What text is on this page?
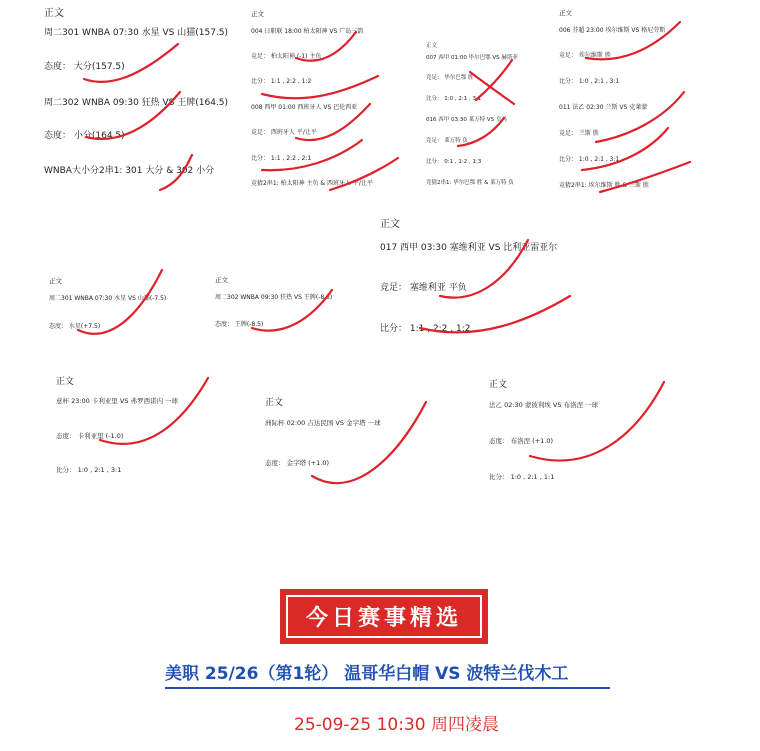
正文
周二301 WNBA 07:30 水星 VS 山猫(157.5)
态度： 大分(157.5)
周二302 WNBA 09:30 狂热 VS 王牌(164.5)
态度： 小分(164.5)
WNBA大小分2串1: 301 大分 & 302 小分
正文
004 日职联 18:00 柏太阳神 VS 广岛三箭
竞足： 柏太阳神 (-1) 主负
比分： 1:1 , 2:2 , 1:2
008 西甲 01:00 西班牙人 VS 巴伦西亚
竞足： 西班牙人 平/让平
比分： 1:1 , 2:2 , 2:1
竞猜2串1: 柏太阳神 主负 & 西班牙人 平/让平
正文
007 西甲 01:00 毕尔巴鄂 VS 赫塔菲
竞足： 毕尔巴鄂 胜
比分： 1:0 , 2:1 , 3:1
016 西甲 03:30 莱万特 VS 皇马
竞足： 莱万特 负
比分： 0:1 , 1:2 , 1:3
竞猜2串1: 毕尔巴鄂 胜 & 莱万特 负
正文
006 芬超 23:00 埃尔维斯 VS 格尼劳斯
竞足： 埃尔维斯 胜
比分： 1:0 , 2:1 , 3:1
011 法乙 02:30 兰斯 VS 克莱蒙
竞足： 兰斯 胜
比分： 1:0 , 2:1 , 3:1
竞猜2串1: 埃尔维斯 胜 & 兰斯 胜
正文
周二301 WNBA 07:30 水星 VS 山猫(-7.5)
态度： 水星(+7.5)
正文
周二302 WNBA 09:30 狂热 VS 王牌(-8.5)
态度： 王牌(-8.5)
正文
017 西甲 03:30 塞维利亚 VS 比利亚雷亚尔
竞足： 塞维利亚 平负
比分： 1:1 , 2:2 , 1:2
正文
意杯 23:00 卡利亚里 VS 弗罗西诺内 一球
态度： 卡利亚里 (-1.0)
比分： 1:0 , 2:1 , 3:1
正文
洲际杯 02:00 吉达民国 VS 金字塔 一球
态度： 金字塔 (+1.0)
正文
法乙 02:30 蒙彼利埃 VS 布洛涅 一球
态度： 布洛涅 (+1.0)
比分： 1:0 , 2:1 , 1:1
今日赛事精选
美职 25/26（第1轮） 温哥华白帽 VS 波特兰伐木工
25-09-25 10:30 周四凌晨
